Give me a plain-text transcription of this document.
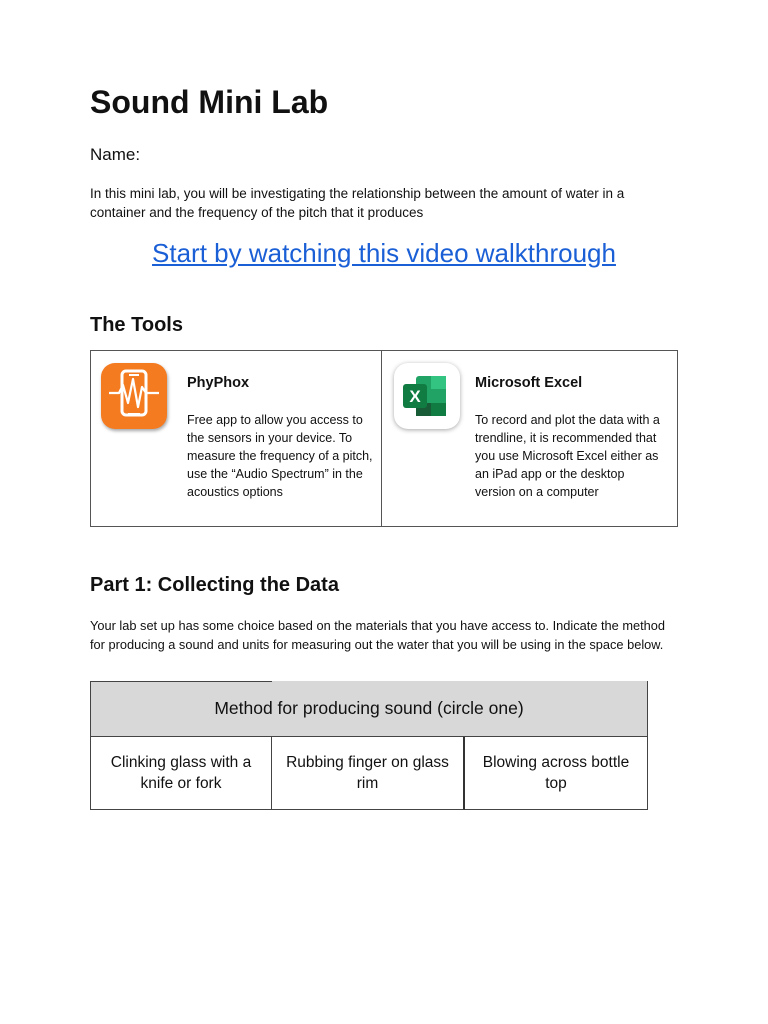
Sound Mini Lab
Name:
In this mini lab, you will be investigating the relationship between the amount of water in a container and the frequency of the pitch that it produces
Start by watching this video walkthrough
The Tools
PhyPhox
Free app to allow you access to the sensors in your device. To measure the frequency of a pitch, use the “Audio Spectrum” in the acoustics options
X
Microsoft Excel
To record and plot the data with a trendline, it is recommended that you use Microsoft Excel either as an iPad app or the desktop version on a computer
Part 1: Collecting the Data
Your lab set up has some choice based on the materials that you have access to. Indicate the method for producing a sound and units for measuring out the water that you will be using in the space below.
Method for producing sound (circle one)
Clinking glass with a knife or fork
Rubbing finger on glass rim
Blowing across bottle top
